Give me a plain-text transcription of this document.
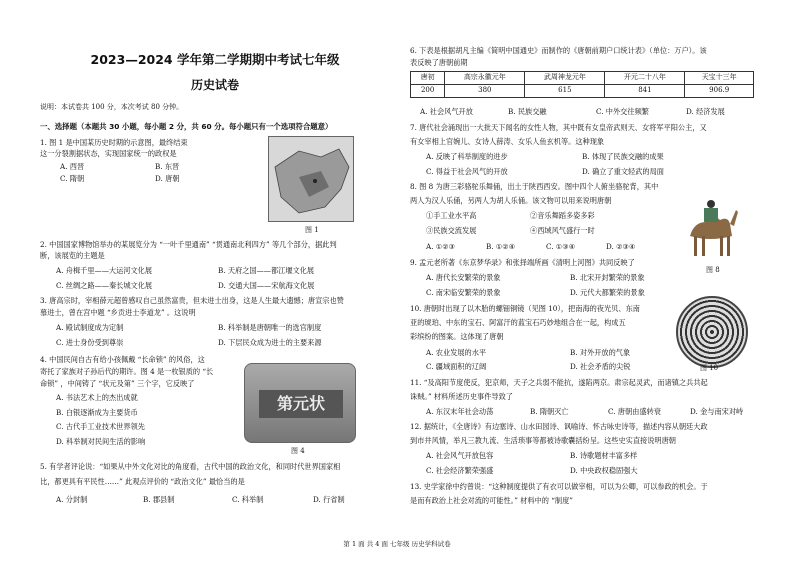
2023—2024 学年第二学期期中考试七年级
历史试卷
说明：本试卷共 100 分，本次考试 80 分钟。
一、选择题（本题共 30 小题，每小题 2 分，共 60 分。每小题只有一个选项符合题意）
1. 图 1 是中国某历史时期的示意图，最终结束
这一分裂割据状态，实现国家统一的政权是
A. 西晋	B. 东晋
C. 隋朝	D. 唐朝
图 1
2. 中国国家博物馆举办的某展览分为 “一叶千里通南” “贯通南北利四方” 等几个部分，据此判
断，该展览的主题是
A. 舟楫千里——大运河文化展	B. 天府之国——都江堰文化展
C. 丝绸之路——秦长城文化展	D. 交通大国——宋航海文化展
3. 唐高宗时，宰相薛元超曾感叹自己虽然富贵，但未进士出身，这是人生最大遗憾；唐宣宗也赞
慕进士，曾在宫中题 “乡贡进士李道龙” 。这说明
A. 殿试制度成为定制	B. 科举制是唐朝唯一的选官制度
C. 进士身份受到尊崇	D. 下层民众成为进士的主要来源
4. 中国民间自古有给小孩佩戴 “长命锁” 的风俗，这
寄托了家族对子孙后代的期许。图 4 是一枚银质的 “长
命锁” ，中间铸了 “状元及第” 三个字，它反映了
A. 书法艺术上的杰出成就
B. 白银逐渐成为主要货币
C. 古代手工业技术世界领先
D. 科举制对民间生活的影响
第元状
图 4
5. 有学者评论说：“如果从中外文化对比的角度看，古代中国的政治文化，和同时代世界国家相
比，都更具有平民性……” 此观点评价的 “政治文化” 最恰当的是
A. 分封制	B. 郡县制	C. 科举制	D. 行省制
6. 下表是根据胡凡主编《简明中国通史》而制作的《唐朝前期户口统计表》（单位：万户）。该
表反映了唐朝前期
唐初	高宗永徽元年	武周神龙元年	开元二十八年	天宝十三年
200	380	615	841	906.9
A. 社会风气开放	B. 民族交融	C. 中外交往频繁	D. 经济发展
7. 唐代社会涌现出一大批天下闻名的女性人物，其中既有女皇帝武则天、女将军平阳公主，又
有女宰相上官婉儿、女诗人薛涛、女乐人鱼玄机等。这种现象
A. 反映了科举制度的进步	B. 体现了民族交融的成果
C. 得益于社会风气的开放	D. 确立了重文轻武的局面
8. 图 8 为唐三彩骆驼乐舞俑，出土于陕西西安。图中四个人俯坐骆驼背，其中
两人为汉人乐俑，另两人为胡人乐俑。该文物可以用来说明唐朝
①手工业水平高	②音乐舞蹈多姿多彩
③民族交流发展	④西域风气盛行一时
A. ①②③	B. ①②④	C. ①③④	D. ②③④
图 8
9. 孟元老所著《东京梦华录》和张择端所画《清明上河图》共同反映了
A. 唐代长安繁荣的景象	B. 北宋开封繁荣的景象
C. 南宋临安繁荣的景象	D. 元代大都繁荣的景象
10. 唐朝时出现了以木胎的螺钿铜镜（见图 10），把南海的夜光贝、东南
亚的琥珀、中东的宝石、阿富汗的蓝宝石巧妙地组合在一起，构成五
彩缤纷的图案。这体现了唐朝
A. 农业发展的水平	B. 对外开放的气象
C. 疆域面积的辽阔	D. 社会矛盾的尖锐	图 10
11. “及高阳节度使反，犯京师，天子之兵弱不能抗，遂陷两京。肃宗起灵武，而诸镇之兵共起
诛贼。” 材料所述历史事件导致了
A. 东汉末年社会动荡	B. 隋朝灭亡	C. 唐朝由盛转衰	D. 金与南宋对峙
12. 据统计，《全唐诗》有边塞诗、山水田园诗、讽喻诗、怀古咏史诗等，描述内容从朝廷大政
到市井风情，举凡三教九流、生活琐事等都被诗歌囊括纷呈。这些史实直接说明唐朝
A. 社会风气开放包容	B. 诗歌题材丰富多样
C. 社会经济繁荣强盛	D. 中央政权稳固强大
13. 史学家徐中约曾说：“这种制度提供了有衣可以做宰相，可以为公卿，可以参政的机会。于
是而有政治上社会对流的可能性。” 材料中的 “制度”
第 1 面 共 4 面 七年级 历史学科试卷
